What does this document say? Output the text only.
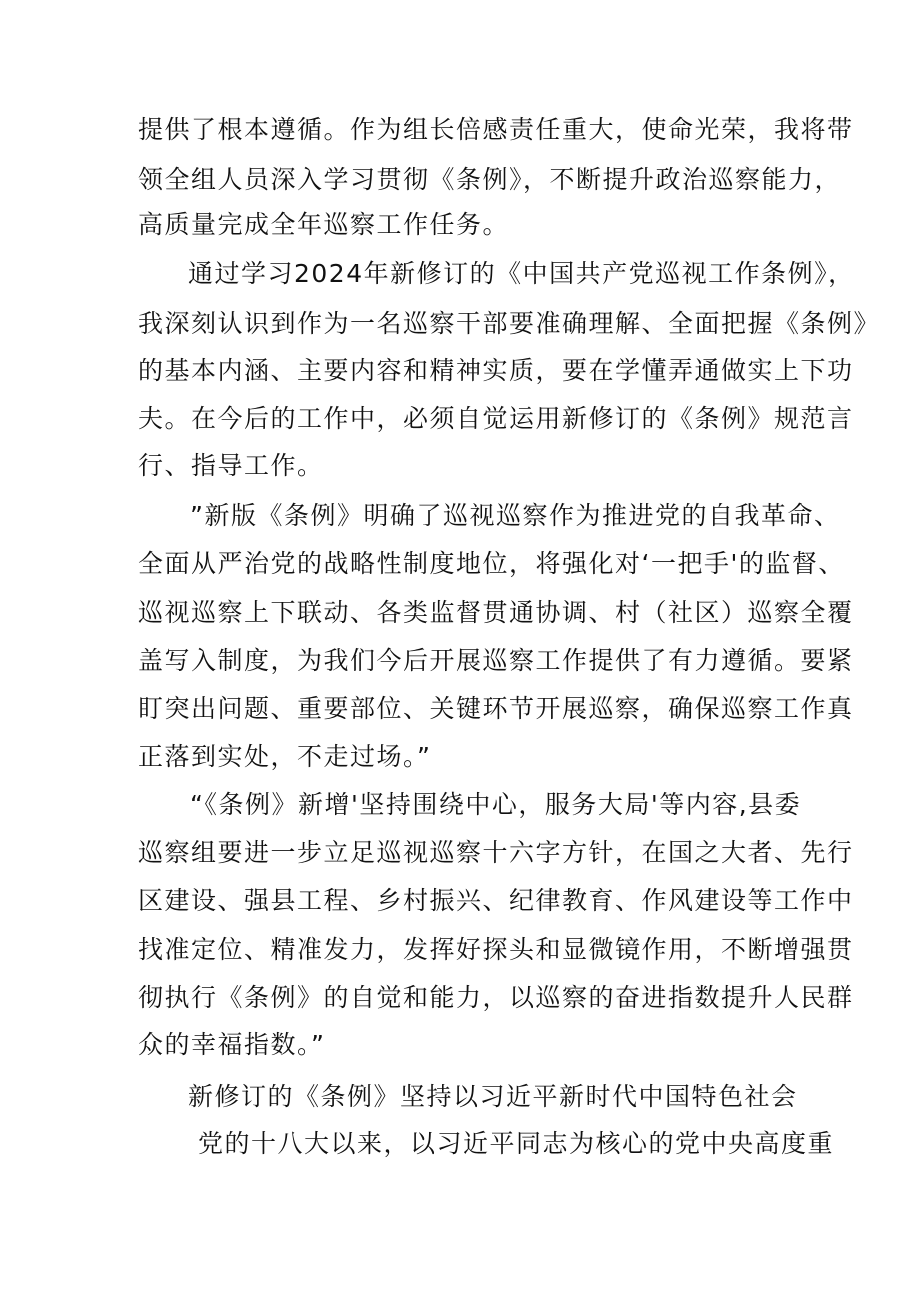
提供了根本遵循。作为组长倍感责任重大，使命光荣，我将带
领全组人员深入学习贯彻《条例》，不断提升政治巡察能力，
高质量完成全年巡察工作任务。
通过学习2024年新修订的《中国共产党巡视工作条例》，
我深刻认识到作为一名巡察干部要准确理解、全面把握《条例》
的基本内涵、主要内容和精神实质，要在学懂弄通做实上下功
夫。在今后的工作中，必须自觉运用新修订的《条例》规范言
行、指导工作。
”新版《条例》明确了巡视巡察作为推进党的自我革命、
全面从严治党的战略性制度地位，将强化对‘一把手'的监督、
巡视巡察上下联动、各类监督贯通协调、村（社区）巡察全覆
盖写入制度，为我们今后开展巡察工作提供了有力遵循。要紧
盯突出问题、重要部位、关键环节开展巡察，确保巡察工作真
正落到实处，不走过场。”
“《条例》新增'坚持围绕中心，服务大局'等内容,县委
巡察组要进一步立足巡视巡察十六字方针，在国之大者、先行
区建设、强县工程、乡村振兴、纪律教育、作风建设等工作中
找准定位、精准发力，发挥好探头和显微镜作用，不断增强贯
彻执行《条例》的自觉和能力，以巡察的奋进指数提升人民群
众的幸福指数。”
新修订的《条例》坚持以习近平新时代中国特色社会
党的十八大以来，以习近平同志为核心的党中央高度重
